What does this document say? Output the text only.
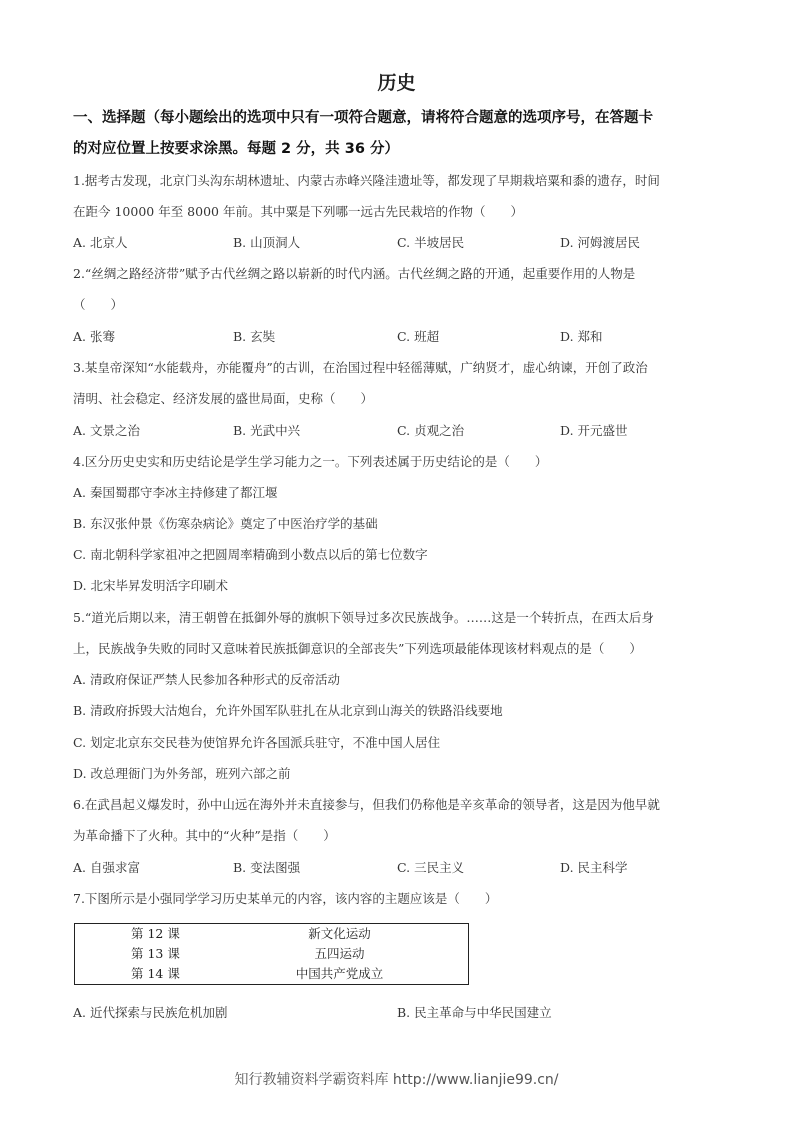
历史
一、选择题（每小题绘出的选项中只有一项符合题意，请将符合题意的选项序号，在答题卡
的对应位置上按要求涂黑。每题 2 分，共 36 分）
1.据考古发现，北京门头沟东胡林遗址、内蒙古赤峰兴隆洼遗址等，都发现了早期栽培粟和黍的遗存，时间
在距今 10000 年至 8000 年前。其中粟是下列哪一远古先民栽培的作物（　　）
A. 北京人	B. 山顶洞人	C. 半坡居民	D. 河姆渡居民
2.“丝绸之路经济带”赋予古代丝绸之路以崭新的时代内涵。古代丝绸之路的开通，起重要作用的人物是
（　　）
A. 张骞	B. 玄奘	C. 班超	D. 郑和
3.某皇帝深知“水能载舟，亦能覆舟”的古训，在治国过程中轻徭薄赋，广纳贤才，虚心纳谏，开创了政治
清明、社会稳定、经济发展的盛世局面，史称（　　）
A. 文景之治	B. 光武中兴	C. 贞观之治	D. 开元盛世
4.区分历史史实和历史结论是学生学习能力之一。下列表述属于历史结论的是（　　）
A. 秦国蜀郡守李冰主持修建了都江堰
B. 东汉张仲景《伤寒杂病论》奠定了中医治疗学的基础
C. 南北朝科学家祖冲之把圆周率精确到小数点以后的第七位数字
D. 北宋毕昇发明活字印刷术
5.“道光后期以来，清王朝曾在抵御外辱的旗帜下领导过多次民族战争。……这是一个转折点，在西太后身
上，民族战争失败的同时又意味着民族抵御意识的全部丧失”下列选项最能体现该材料观点的是（　　）
A. 清政府保证严禁人民参加各种形式的反帝活动
B. 清政府拆毁大沽炮台，允许外国军队驻扎在从北京到山海关的铁路沿线要地
C. 划定北京东交民巷为使馆界允许各国派兵驻守，不准中国人居住
D. 改总理衙门为外务部，班列六部之前
6.在武昌起义爆发时，孙中山远在海外并未直接参与，但我们仍称他是辛亥革命的领导者，这是因为他早就
为革命播下了火种。其中的“火种”是指（　　）
A. 自强求富	B. 变法图强	C. 三民主义	D. 民主科学
7.下图所示是小强同学学习历史某单元的内容，该内容的主题应该是（　　）
第 12 课	新文化运动
第 13 课	五四运动
第 14 课	中国共产党成立
A. 近代探索与民族危机加剧	B. 民主革命与中华民国建立
知行教辅资料学霸资料库 http://www.lianjie99.cn/
